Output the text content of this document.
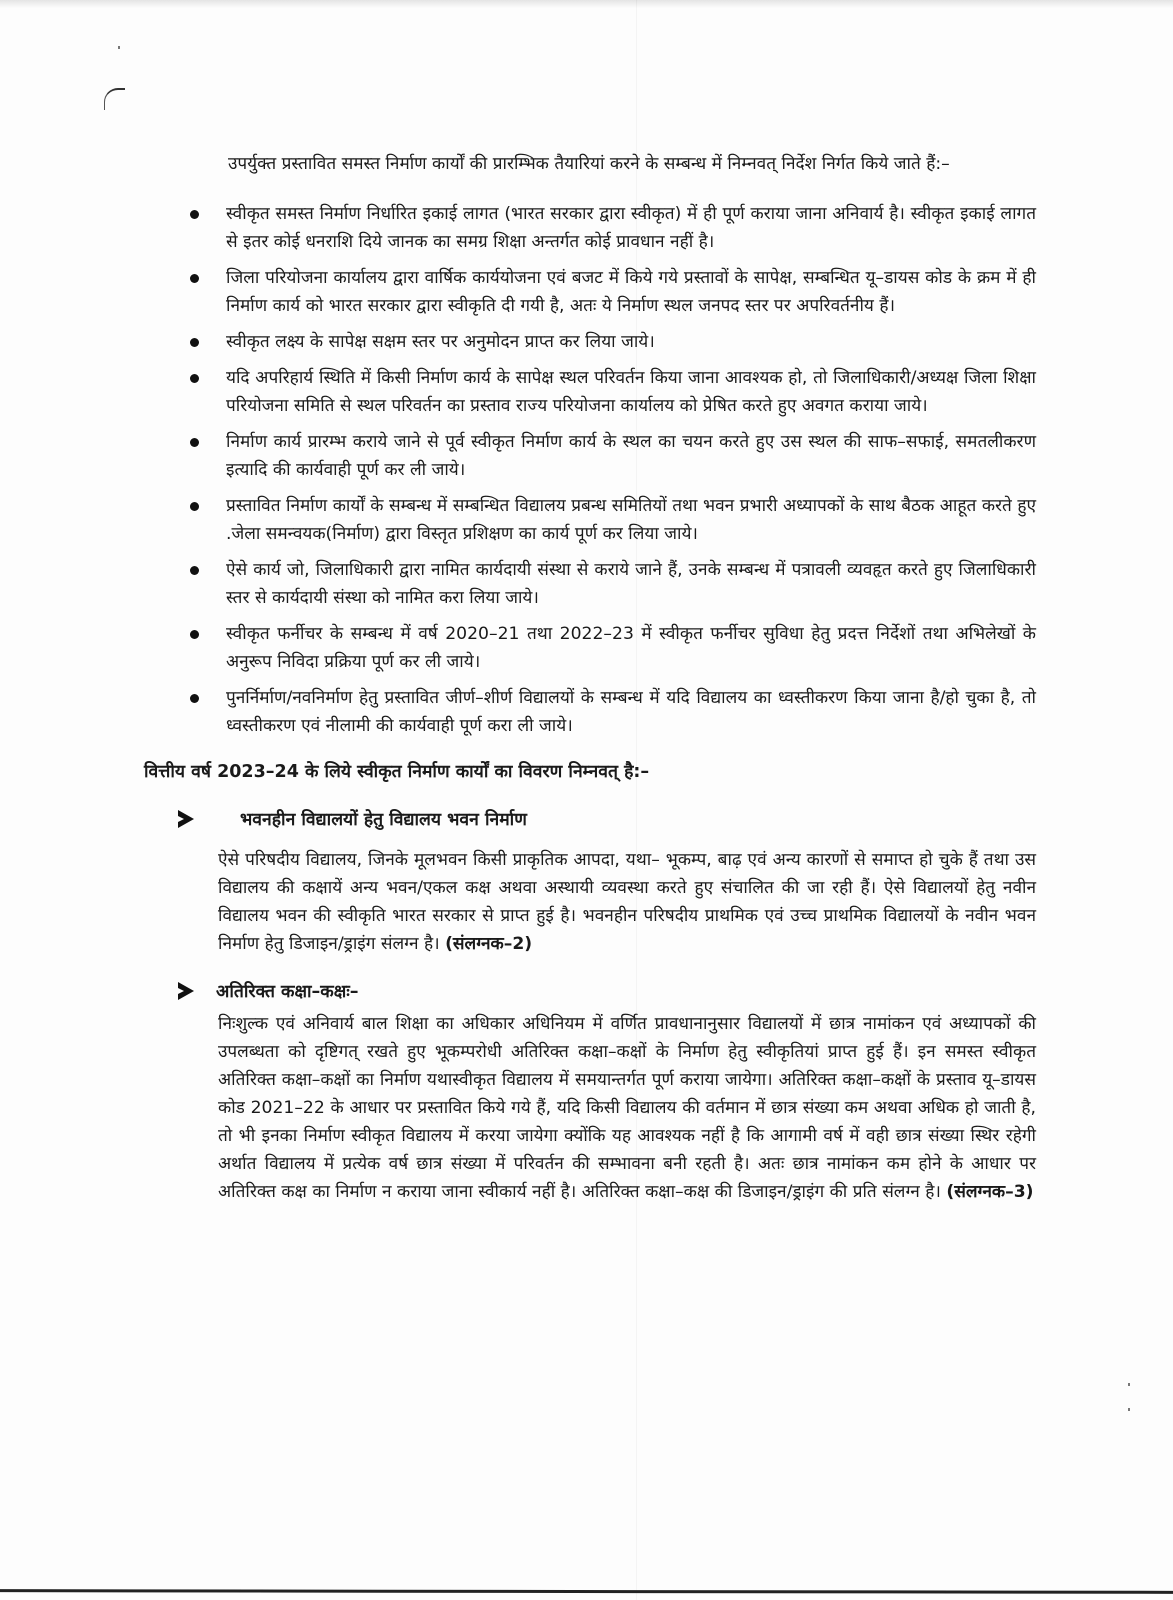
उपर्युक्त प्रस्तावित समस्त निर्माण कार्यों की प्रारम्भिक तैयारियां करने के सम्बन्ध में निम्नवत् निर्देश निर्गत किये जाते हैं:–

स्वीकृत समस्त निर्माण निर्धारित इकाई लागत (भारत सरकार द्वारा स्वीकृत) में ही पूर्ण कराया जाना अनिवार्य है। स्वीकृत इकाई लागत से इतर कोई धनराशि दिये जानक का समग्र शिक्षा अन्तर्गत कोई प्रावधान नहीं है।
जिला परियोजना कार्यालय द्वारा वार्षिक कार्ययोजना एवं बजट में किये गये प्रस्तावों के सापेक्ष, सम्बन्धित यू–डायस कोड के क्रम में ही निर्माण कार्य को भारत सरकार द्वारा स्वीकृति दी गयी है, अतः ये निर्माण स्थल जनपद स्तर पर अपरिवर्तनीय हैं।
स्वीकृत लक्ष्य के सापेक्ष सक्षम स्तर पर अनुमोदन प्राप्त कर लिया जाये।
यदि अपरिहार्य स्थिति में किसी निर्माण कार्य के सापेक्ष स्थल परिवर्तन किया जाना आवश्यक हो, तो जिलाधिकारी/अध्यक्ष जिला शिक्षा परियोजना समिति से स्थल परिवर्तन का प्रस्ताव राज्य परियोजना कार्यालय को प्रेषित करते हुए अवगत कराया जाये।
निर्माण कार्य प्रारम्भ कराये जाने से पूर्व स्वीकृत निर्माण कार्य के स्थल का चयन करते हुए उस स्थल की साफ–सफाई, समतलीकरण इत्यादि की कार्यवाही पूर्ण कर ली जाये।
प्रस्तावित निर्माण कार्यों के सम्बन्ध में सम्बन्धित विद्यालय प्रबन्ध समितियों तथा भवन प्रभारी अध्यापकों के साथ बैठक आहूत करते हुए .जेला समन्वयक(निर्माण) द्वारा विस्तृत प्रशिक्षण का कार्य पूर्ण कर लिया जाये।
ऐसे कार्य जो, जिलाधिकारी द्वारा नामित कार्यदायी संस्था से कराये जाने हैं, उनके सम्बन्ध में पत्रावली व्यवहृत करते हुए जिलाधिकारी स्तर से कार्यदायी संस्था को नामित करा लिया जाये।
स्वीकृत फर्नीचर के सम्बन्ध में वर्ष 2020–21 तथा 2022–23 में स्वीकृत फर्नीचर सुविधा हेतु प्रदत्त निर्देशों तथा अभिलेखों के अनुरूप निविदा प्रक्रिया पूर्ण कर ली जाये।
पुनर्निर्माण/नवनिर्माण हेतु प्रस्तावित जीर्ण–शीर्ण विद्यालयों के सम्बन्ध में यदि विद्यालय का ध्वस्तीकरण किया जाना है/हो चुका है, तो ध्वस्तीकरण एवं नीलामी की कार्यवाही पूर्ण करा ली जाये।
वित्तीय वर्ष 2023–24 के लिये स्वीकृत निर्माण कार्यों का विवरण निम्नवत् है:–
भवनहीन विद्यालयों हेतु विद्यालय भवन निर्माण

ऐसे परिषदीय विद्यालय, जिनके मूलभवन किसी प्राकृतिक आपदा, यथा– भूकम्प, बाढ़ एवं अन्य कारणों से समाप्त हो चुके हैं तथा उस विद्यालय की कक्षायें अन्य भवन/एकल कक्ष अथवा अस्थायी व्यवस्था करते हुए संचालित की जा रही हैं। ऐसे विद्यालयों हेतु नवीन विद्यालय भवन की स्वीकृति भारत सरकार से प्राप्त हुई है। भवनहीन परिषदीय प्राथमिक एवं उच्च प्राथमिक विद्यालयों के नवीन भवन निर्माण हेतु डिजाइन/ड्राइंग संलग्न है। (संलग्नक–2)

अतिरिक्त कक्षा–कक्षः–

निःशुल्क एवं अनिवार्य बाल शिक्षा का अधिकार अधिनियम में वर्णित प्रावधानानुसार विद्यालयों में छात्र नामांकन एवं अध्यापकों की उपलब्धता को दृष्टिगत् रखते हुए भूकम्परोधी अतिरिक्त कक्षा–कक्षों के निर्माण हेतु स्वीकृतियां प्राप्त हुई हैं। इन समस्त स्वीकृत अतिरिक्त कक्षा–कक्षों का निर्माण यथास्वीकृत विद्यालय में समयान्तर्गत पूर्ण कराया जायेगा। अतिरिक्त कक्षा–कक्षों के प्रस्ताव यू–डायस कोड 2021–22 के आधार पर प्रस्तावित किये गये हैं, यदि किसी विद्यालय की वर्तमान में छात्र संख्या कम अथवा अधिक हो जाती है, तो भी इनका निर्माण स्वीकृत विद्यालय में करया जायेगा क्योंकि यह आवश्यक नहीं है कि आगामी वर्ष में वही छात्र संख्या स्थिर रहेगी अर्थात विद्यालय में प्रत्येक वर्ष छात्र संख्या में परिवर्तन की सम्भावना बनी रहती है। अतः छात्र नामांकन कम होने के आधार पर अतिरिक्त कक्ष का निर्माण न कराया जाना स्वीकार्य नहीं है। अतिरिक्त कक्षा–कक्ष की डिजाइन/ड्राइंग की प्रति संलग्न है। (संलग्नक–3)
